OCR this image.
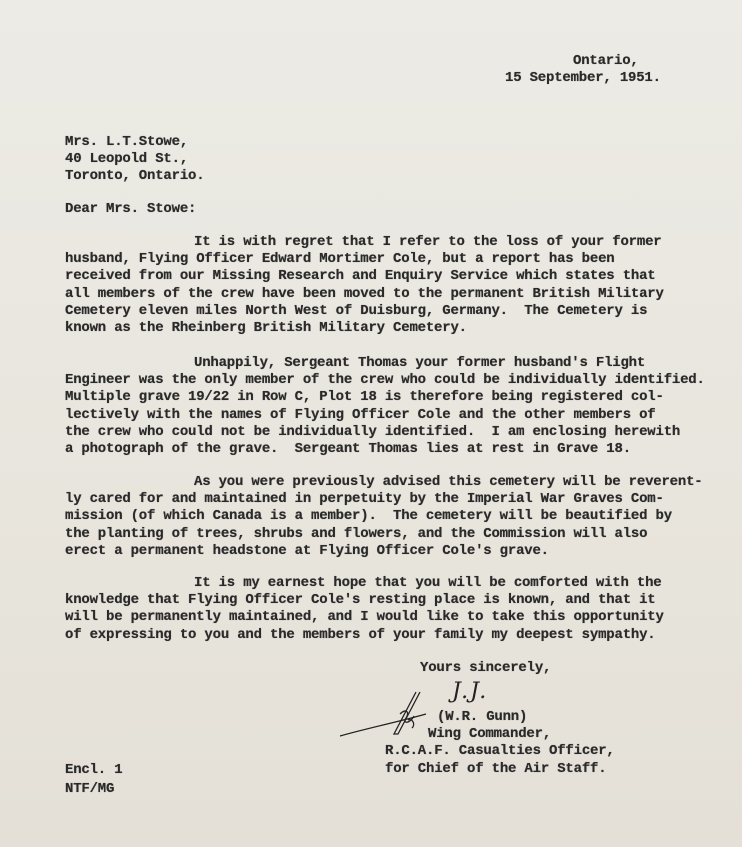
Ontario,
15 September, 1951.
Mrs. L.T.Stowe,
40 Leopold St.,
Toronto, Ontario.
Dear Mrs. Stowe:
It is with regret that I refer to the loss of your former
husband, Flying Officer Edward Mortimer Cole, but a report has been
received from our Missing Research and Enquiry Service which states that
all members of the crew have been moved to the permanent British Military
Cemetery eleven miles North West of Duisburg, Germany.  The Cemetery is
known as the Rheinberg British Military Cemetery.
Unhappily, Sergeant Thomas your former husband's Flight
Engineer was the only member of the crew who could be individually identified.
Multiple grave 19/22 in Row C, Plot 18 is therefore being registered col-
lectively with the names of Flying Officer Cole and the other members of
the crew who could not be individually identified.  I am enclosing herewith
a photograph of the grave.  Sergeant Thomas lies at rest in Grave 18.
As you were previously advised this cemetery will be reverent-
ly cared for and maintained in perpetuity by the Imperial War Graves Com-
mission (of which Canada is a member).  The cemetery will be beautified by
the planting of trees, shrubs and flowers, and the Commission will also
erect a permanent headstone at Flying Officer Cole's grave.
It is my earnest hope that you will be comforted with the
knowledge that Flying Officer Cole's resting place is known, and that it
will be permanently maintained, and I would like to take this opportunity
of expressing to you and the members of your family my deepest sympathy.
Yours sincerely,
J.J.
(W.R. Gunn)
Wing Commander,
R.C.A.F. Casualties Officer,
for Chief of the Air Staff.
Encl. 1
NTF/MG
